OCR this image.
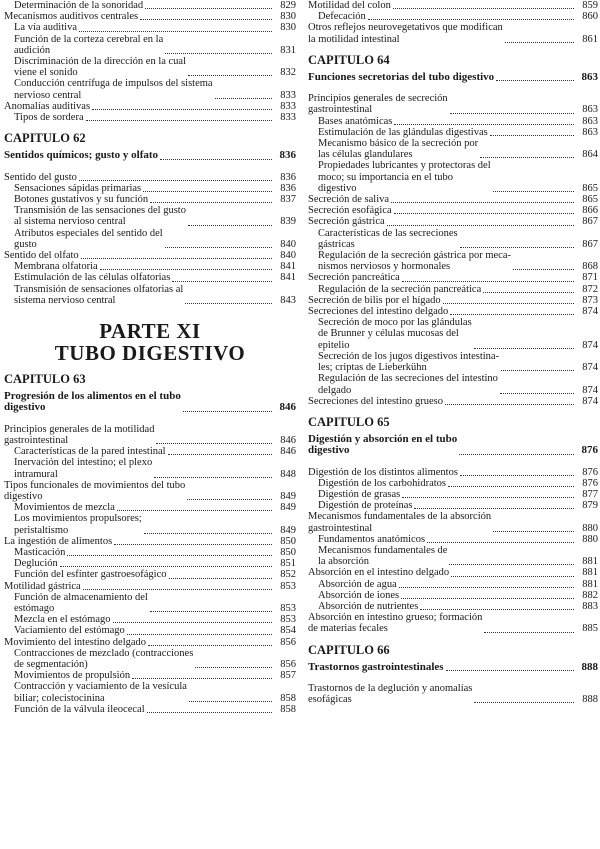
Determinación de la sonoridad	829
Mecanismos auditivos centrales	830
La vía auditiva	830
Función de la corteza cerebral en la
audición	831
Discriminación de la dirección en la cual
viene el sonido	832
Conducción centrífuga de impulsos del sistema
nervioso central	833
Anomalías auditivas	833
Tipos de sordera	833
CAPITULO 62
Sentidos químicos; gusto y olfato	836
Sentido del gusto	836
Sensaciones sápidas primarias	836
Botones gustativos y su función	837
Transmisión de las sensaciones del gusto
al sistema nervioso central	839
Atributos especiales del sentido del
gusto	840
Sentido del olfato	840
Membrana olfatoria	841
Estimulación de las células olfatorias	841
Transmisión de sensaciones olfatorias al
sistema nervioso central	843
PARTE XI
TUBO DIGESTIVO
CAPITULO 63
Progresión de los alimentos en el tubo
digestivo	846
Principios generales de la motilidad
gastrointestinal	846
Características de la pared intestinal	846
Inervación del intestino; el plexo
intramural	848
Tipos funcionales de movimientos del tubo
digestivo	849
Movimientos de mezcla	849
Los movimientos propulsores;
peristaltismo	849
La ingestión de alimentos	850
Masticación	850
Deglución	851
Función del esfínter gastroesofágico	852
Motilidad gástrica	853
Función de almacenamiento del
estómago	853
Mezcla en el estómago	853
Vaciamiento del estómago	854
Movimiento del intestino delgado	856
Contracciones de mezclado (contracciones
de segmentación)	856
Movimientos de propulsión	857
Contracción y vaciamiento de la vesícula
biliar; colecistocinina	858
Función de la válvula ileocecal	858
Motilidad del colon	859
Defecación	860
Otros reflejos neurovegetativos que modifican
la motilidad intestinal	861
CAPITULO 64
Funciones secretorias del tubo digestivo	863
Principios generales de secreción
gastrointestinal	863
Bases anatómicas	863
Estimulación de las glándulas digestivas	863
Mecanismo básico de la secreción por
las células glandulares	864
Propiedades lubricantes y protectoras del
moco; su importancia en el tubo
digestivo	865
Secreción de saliva	865
Secreción esofágica	866
Secreción gástrica	867
Características de las secreciones
gástricas	867
Regulación de la secreción gástrica por meca-
nismos nerviosos y hormonales	868
Secreción pancreática	871
Regulación de la secreción pancreática	872
Secreción de bilis por el hígado	873
Secreciones del intestino delgado	874
Secreción de moco por las glándulas
de Brunner y células mucosas del
epitelio	874
Secreción de los jugos digestivos intestina-
les; criptas de Lieberkühn	874
Regulación de las secreciones del intestino
delgado	874
Secreciones del intestino grueso	874
CAPITULO 65
Digestión y absorción en el tubo
digestivo	876
Digestión de los distintos alimentos	876
Digestión de los carbohidratos	876
Digestión de grasas	877
Digestión de proteínas	879
Mecanismos fundamentales de la absorción
gastrointestinal	880
Fundamentos anatómicos	880
Mecanismos fundamentales de
la absorción	881
Absorción en el intestino delgado	881
Absorción de agua	881
Absorción de iones	882
Absorción de nutrientes	883
Absorción en intestino grueso; formación
de materias fecales	885
CAPITULO 66
Trastornos gastrointestinales	888
Trastornos de la deglución y anomalías
esofágicas	888
